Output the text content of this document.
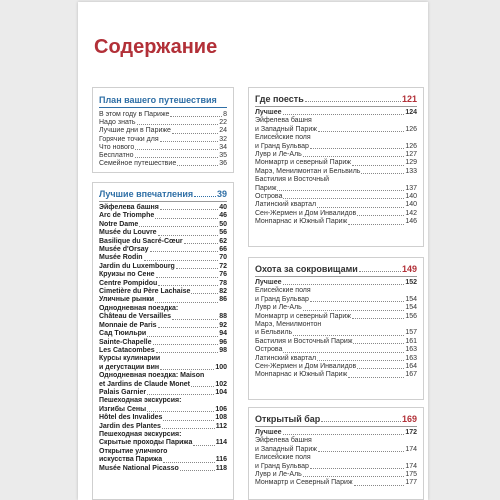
Содержание
План вашего путешествия
В этом году в Париже	8
Надо знать	22
Лучшие дни в Париже	24
Горячие точки для	32
Что нового	34
Бесплатно	35
Семейное путешествие	36
Лучшие впечатления	39
Эйфелева башня	40
Arc de Triomphe	46
Notre Dame	50
Musée du Louvre	56
Basilique du Sacré-Cœur	62
Musée d'Orsay	66
Musée Rodin	70
Jardin du Luxembourg	72
Круизы по Сене	76
Centre Pompidou	78
Cimetière du Père Lachaise	82
Уличные рынки	86
Однодневная поездка:
Château de Versailles	88
Monnaie de Paris	92
Сад Тюильри	94
Sainte-Chapelle	96
Les Catacombes	98
Курсы кулинарии
и дегустации вин	100
Однодневная поездка: Maison
et Jardins de Claude Monet	102
Palais Garnier	104
Пешеходная экскурсия:
Изгибы Сены	106
Hôtel des Invalides	108
Jardin des Plantes	112
Пешеходная экскурсия:
Скрытые проходы Парижа	114
Открытие уличного
искусства Парижа	116
Musée National Picasso	118
Где поесть	121
Лучшее	124
Эйфелева башня
и Западный Париж	126
Елисейские поля
и Гранд Бульвар	126
Лувр и Ле-Аль	127
Монмартр и северный Париж	129
Марэ, Менилмонтан и Бельвиль	133
Бастилия и Восточный
Париж	137
Острова	140
Латинский квартал	140
Сен-Жермен и Дом Инвалидов	142
Монпарнас и Южный Париж	146
Охота за сокровищами	149
Лучшее	152
Елисейские поля
и Гранд Бульвар	154
Лувр и Ле-Аль	154
Монмартр и северный Париж	156
Марэ, Менилмонтон
и Бельвиль	157
Бастилия и Восточный Париж	161
Острова	163
Латинский квартал	163
Сен-Жермен и Дом Инвалидов	164
Монпарнас и Южный Париж	167
Открытый бар	169
Лучшее	172
Эйфелева башня
и Западный Париж	174
Елисейские поля
и Гранд Бульвар	174
Лувр и Ле-Аль	175
Монмартр и Северный Париж	177
